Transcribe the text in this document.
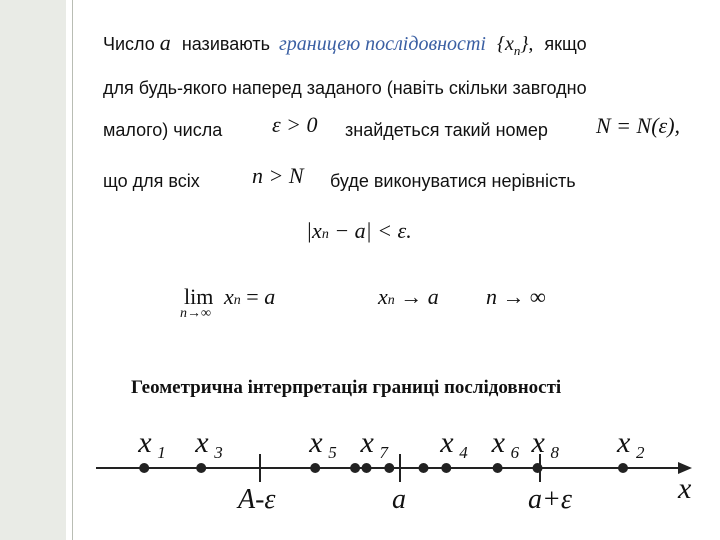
Число a називають границею послідовності $\{x_n\}$, якщо
для будь-якого наперед заданого (навіть скільки завгодно
малого) числа ε > 0 знайдеться такий номер N = N(ε),
що для всіх n > N буде виконуватися нерівність
|xn − a| < ε.
lim
n→∞
xn = a	xn → a n → ∞
Геометрична інтерпретація границі послідовності
x
A-ε	a	a+ε
x 1 x 3	x 5 x 7 x 4 x 6 x 8 x 2
